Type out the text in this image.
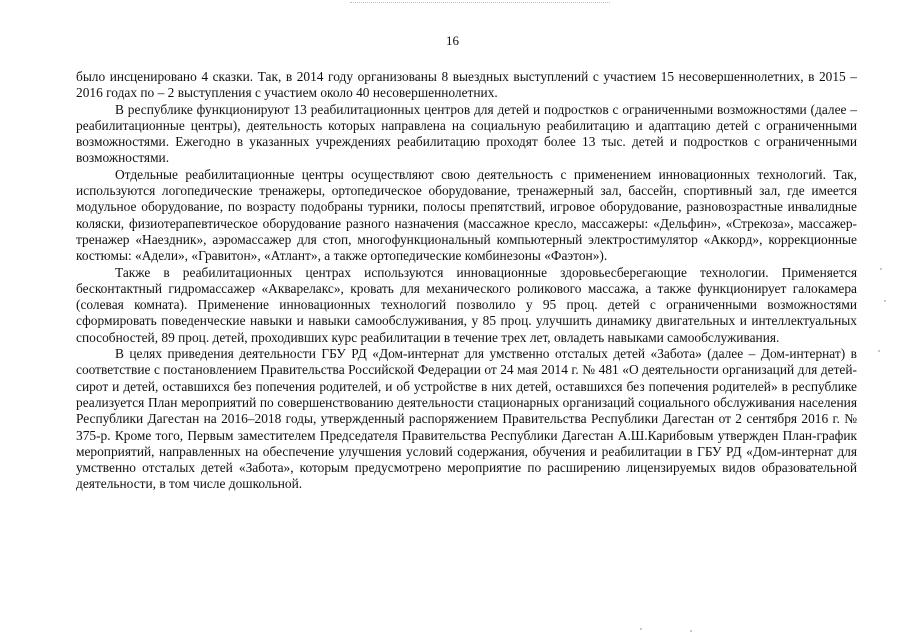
16

было инсценировано 4 сказки. Так, в 2014 году организованы 8 выездных выступлений с участием 15 несовершеннолетних, в 2015 – 2016 годах по – 2 выступления с участием около 40 несовершеннолетних.

В республике функционируют 13 реабилитационных центров для детей и подростков с ограниченными возможностями (далее – реабилитационные центры), деятельность которых направлена на социальную реабилитацию и адаптацию детей с ограниченными возможностями. Ежегодно в указанных учреждениях реабилитацию проходят более 13 тыс. детей и подростков с ограниченными возможностями.

Отдельные реабилитационные центры осуществляют свою деятельность с применением инновационных технологий. Так, используются логопедические тренажеры, ортопедическое оборудование, тренажерный зал, бассейн, спортивный зал, где имеется модульное оборудование, по возрасту подобраны турники, полосы препятствий, игровое оборудование, разновозрастные инвалидные коляски, физиотерапевтическое оборудование разного назначения (массажное кресло, массажеры: «Дельфин», «Стрекоза», массажер-тренажер «Наездник», аэромассажер для стоп, многофункциональный компьютерный электростимулятор «Аккорд», коррекционные костюмы: «Адели», «Гравитон», «Атлант», а также ортопедические комбинезоны «Фаэтон»).

Также в реабилитационных центрах используются инновационные здоровьесберегающие технологии. Применяется бесконтактный гидромассажер «Акварелакс», кровать для механического роликового массажа, а также функционирует галокамера (солевая комната). Применение инновационных технологий позволило у 95 проц. детей с ограниченными возможностями сформировать поведенческие навыки и навыки самообслуживания, у 85 проц. улучшить динамику двигательных и интеллектуальных способностей, 89 проц. детей, проходивших курс реабилитации в течение трех лет, овладеть навыками самообслуживания.

В целях приведения деятельности ГБУ РД «Дом-интернат для умственно отсталых детей «Забота» (далее – Дом-интернат) в соответствие с постановлением Правительства Российской Федерации от 24 мая 2014 г. № 481 «О деятельности организаций для детей-сирот и детей, оставшихся без попечения родителей, и об устройстве в них детей, оставшихся без попечения родителей» в республике реализуется План мероприятий по совершенствованию деятельности стационарных организаций социального обслуживания населения Республики Дагестан на 2016–2018 годы, утвержденный распоряжением Правительства Республики Дагестан от 2 сентября 2016 г. № 375-р. Кроме того, Первым заместителем Председателя Правительства Республики Дагестан А.Ш.Карибовым утвержден План-график мероприятий, направленных на обеспечение улучшения условий содержания, обучения и реабилитации в ГБУ РД «Дом-интернат для умственно отсталых детей «Забота», которым предусмотрено мероприятие по расширению лицензируемых видов образовательной деятельности, в том числе дошкольной.
